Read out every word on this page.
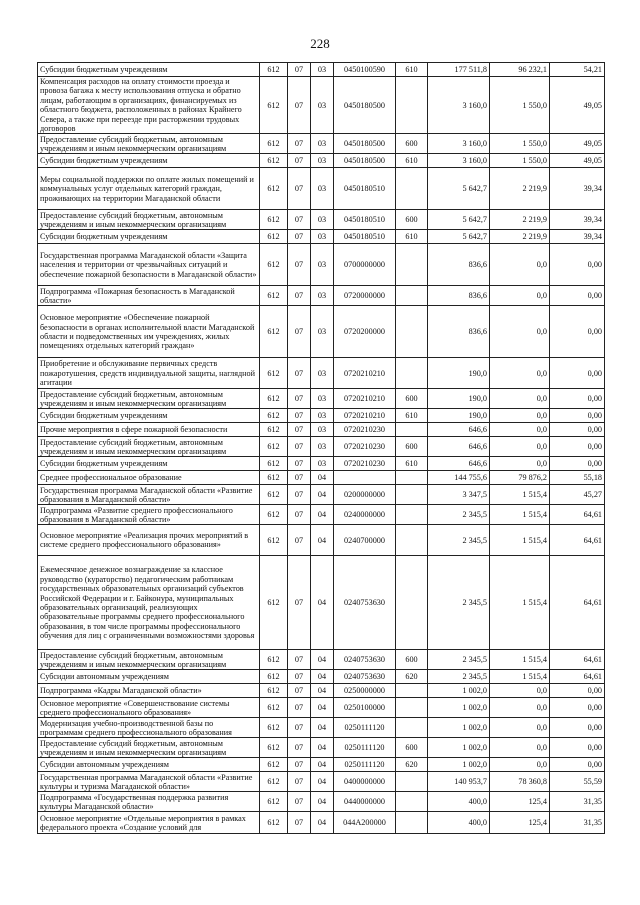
228
Субсидии бюджетным учреждениям	612	07	03	0450100590	610	177 511,8	96 232,1	54,21
Компенсация расходов на оплату стоимости проезда и провоза багажа к месту использования отпуска и обратно лицам, работающим в организациях, финансируемых из областного бюджета, расположенных в районах Крайнего Севера, а также при переезде при расторжении трудовых договоров	612	07	03	0450180500		3 160,0	1 550,0	49,05
Предоставление субсидий бюджетным, автономным учреждениям и иным некоммерческим организациям	612	07	03	0450180500	600	3 160,0	1 550,0	49,05
Субсидии бюджетным учреждениям	612	07	03	0450180500	610	3 160,0	1 550,0	49,05
Меры социальной поддержки по оплате жилых помещений и коммунальных услуг отдельных категорий граждан, проживающих на территории Магаданской области	612	07	03	0450180510		5 642,7	2 219,9	39,34
Предоставление субсидий бюджетным, автономным учреждениям и иным некоммерческим организациям	612	07	03	0450180510	600	5 642,7	2 219,9	39,34
Субсидии бюджетным учреждениям	612	07	03	0450180510	610	5 642,7	2 219,9	39,34
Государственная программа Магаданской области «Защита населения и территории от чрезвычайных ситуаций и обеспечение пожарной безопасности в Магаданской области»	612	07	03	0700000000		836,6	0,0	0,00
Подпрограмма «Пожарная безопасность в Магаданской области»	612	07	03	0720000000		836,6	0,0	0,00
Основное мероприятие «Обеспечение пожарной безопасности в органах исполнительной власти Магаданской области и подведомственных им учреждениях, жилых помещениях отдельных категорий граждан»	612	07	03	0720200000		836,6	0,0	0,00
Приобретение и обслуживание первичных средств пожаротушения, средств индивидуальной защиты, наглядной агитации	612	07	03	0720210210		190,0	0,0	0,00
Предоставление субсидий бюджетным, автономным учреждениям и иным некоммерческим организациям	612	07	03	0720210210	600	190,0	0,0	0,00
Субсидии бюджетным учреждениям	612	07	03	0720210210	610	190,0	0,0	0,00
Прочие мероприятия в сфере пожарной безопасности	612	07	03	0720210230		646,6	0,0	0,00
Предоставление субсидий бюджетным, автономным учреждениям и иным некоммерческим организациям	612	07	03	0720210230	600	646,6	0,0	0,00
Субсидии бюджетным учреждениям	612	07	03	0720210230	610	646,6	0,0	0,00
Среднее профессиональное образование	612	07	04			144 755,6	79 876,2	55,18
Государственная программа Магаданской области «Развитие образования в Магаданской области»	612	07	04	0200000000		3 347,5	1 515,4	45,27
Подпрограмма «Развитие среднего профессионального образования в Магаданской области»	612	07	04	0240000000		2 345,5	1 515,4	64,61
Основное мероприятие «Реализация прочих мероприятий в системе среднего профессионального образования»	612	07	04	0240700000		2 345,5	1 515,4	64,61
Ежемесячное денежное вознаграждение за классное руководство (кураторство) педагогическим работникам государственных образовательных организаций субъектов Российской Федерации и г. Байконура, муниципальных образовательных организаций, реализующих образовательные программы среднего профессионального образования, в том числе программы профессионального обучения для лиц с ограниченными возможностями здоровья	612	07	04	0240753630		2 345,5	1 515,4	64,61
Предоставление субсидий бюджетным, автономным учреждениям и иным некоммерческим организациям	612	07	04	0240753630	600	2 345,5	1 515,4	64,61
Субсидии автономным учреждениям	612	07	04	0240753630	620	2 345,5	1 515,4	64,61
Подпрограмма «Кадры Магаданской области»	612	07	04	0250000000		1 002,0	0,0	0,00
Основное мероприятие «Совершенствование системы среднего профессионального образования»	612	07	04	0250100000		1 002,0	0,0	0,00
Модернизация учебно-производственной базы по программам среднего профессионального образования	612	07	04	0250111120		1 002,0	0,0	0,00
Предоставление субсидий бюджетным, автономным учреждениям и иным некоммерческим организациям	612	07	04	0250111120	600	1 002,0	0,0	0,00
Субсидии автономным учреждениям	612	07	04	0250111120	620	1 002,0	0,0	0,00
Государственная программа Магаданской области «Развитие культуры и туризма Магаданской области»	612	07	04	0400000000		140 953,7	78 360,8	55,59
Подпрограмма «Государственная поддержка развития культуры Магаданской области»	612	07	04	0440000000		400,0	125,4	31,35
Основное мероприятие «Отдельные мероприятия в рамках федерального проекта «Создание условий для	612	07	04	044A200000		400,0	125,4	31,35
